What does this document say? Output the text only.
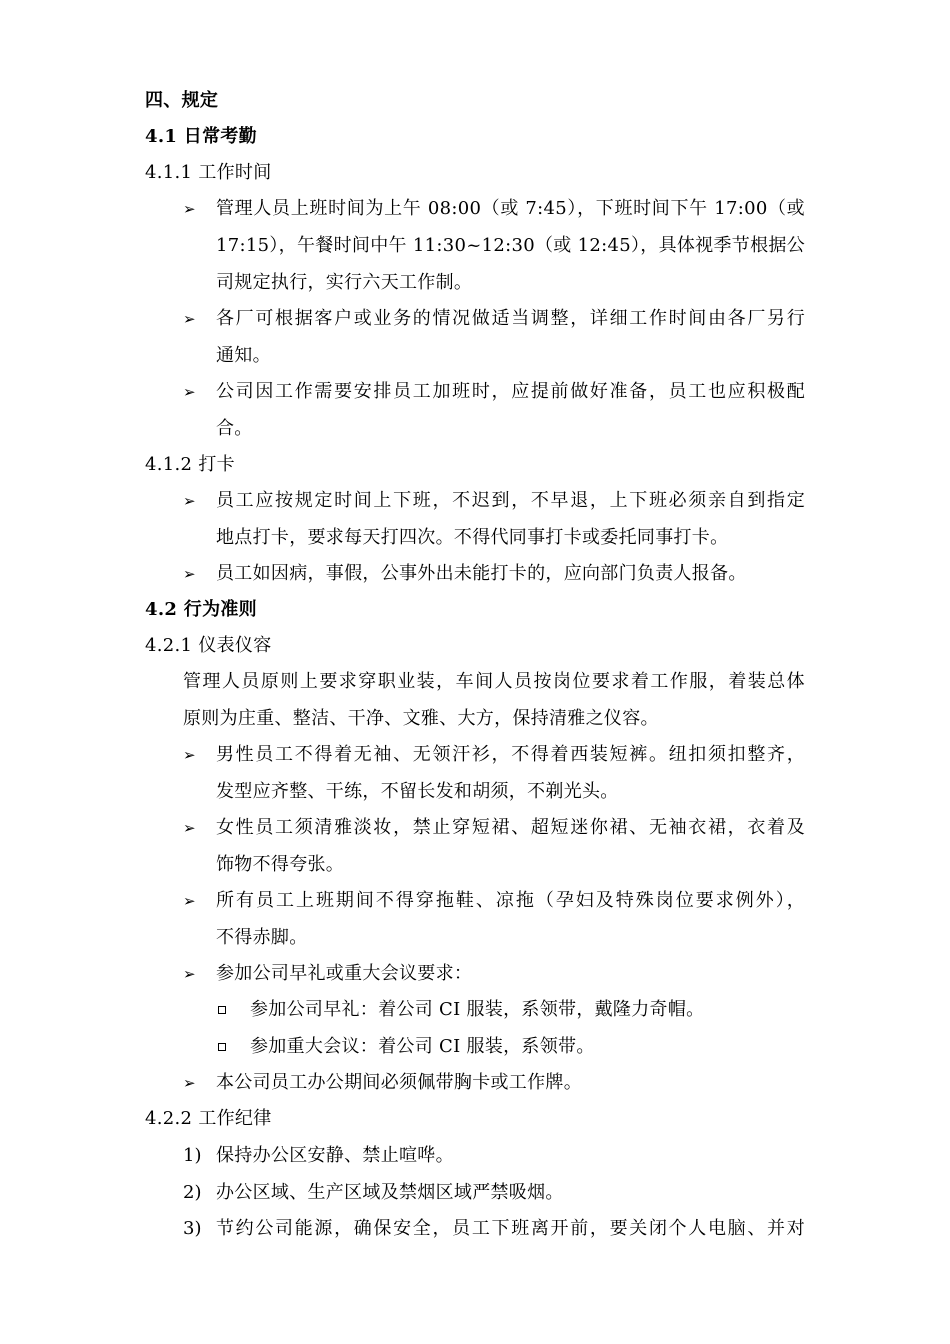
四、规定
4.1 日常考勤
4.1.1 工作时间
➢ 管理人员上班时间为上午 08:00（或 7:45），下班时间下午 17:00（或
17:15），午餐时间中午 11:30~12:30（或 12:45），具体视季节根据公
司规定执行，实行六天工作制。
➢ 各厂可根据客户或业务的情况做适当调整，详细工作时间由各厂另行
通知。
➢ 公司因工作需要安排员工加班时，应提前做好准备，员工也应积极配
合。
4.1.2 打卡
➢ 员工应按规定时间上下班，不迟到，不早退，上下班必须亲自到指定
地点打卡，要求每天打四次。不得代同事打卡或委托同事打卡。
➢ 员工如因病，事假，公事外出未能打卡的，应向部门负责人报备。
4.2 行为准则
4.2.1 仪表仪容
管理人员原则上要求穿职业装，车间人员按岗位要求着工作服，着装总体
原则为庄重、整洁、干净、文雅、大方，保持清雅之仪容。
➢ 男性员工不得着无袖、无领汗衫，不得着西装短裤。纽扣须扣整齐，
发型应齐整、干练，不留长发和胡须，不剃光头。
➢ 女性员工须清雅淡妆，禁止穿短裙、超短迷你裙、无袖衣裙，衣着及
饰物不得夸张。
➢ 所有员工上班期间不得穿拖鞋、凉拖（孕妇及特殊岗位要求例外），
不得赤脚。
➢ 参加公司早礼或重大会议要求：
参加公司早礼：着公司 CI 服装，系领带，戴隆力奇帽。
参加重大会议：着公司 CI 服装，系领带。
➢ 本公司员工办公期间必须佩带胸卡或工作牌。
4.2.2 工作纪律
1) 保持办公区安静、禁止喧哗。
2) 办公区域、生产区域及禁烟区域严禁吸烟。
3) 节约公司能源，确保安全，员工下班离开前，要关闭个人电脑、并对
